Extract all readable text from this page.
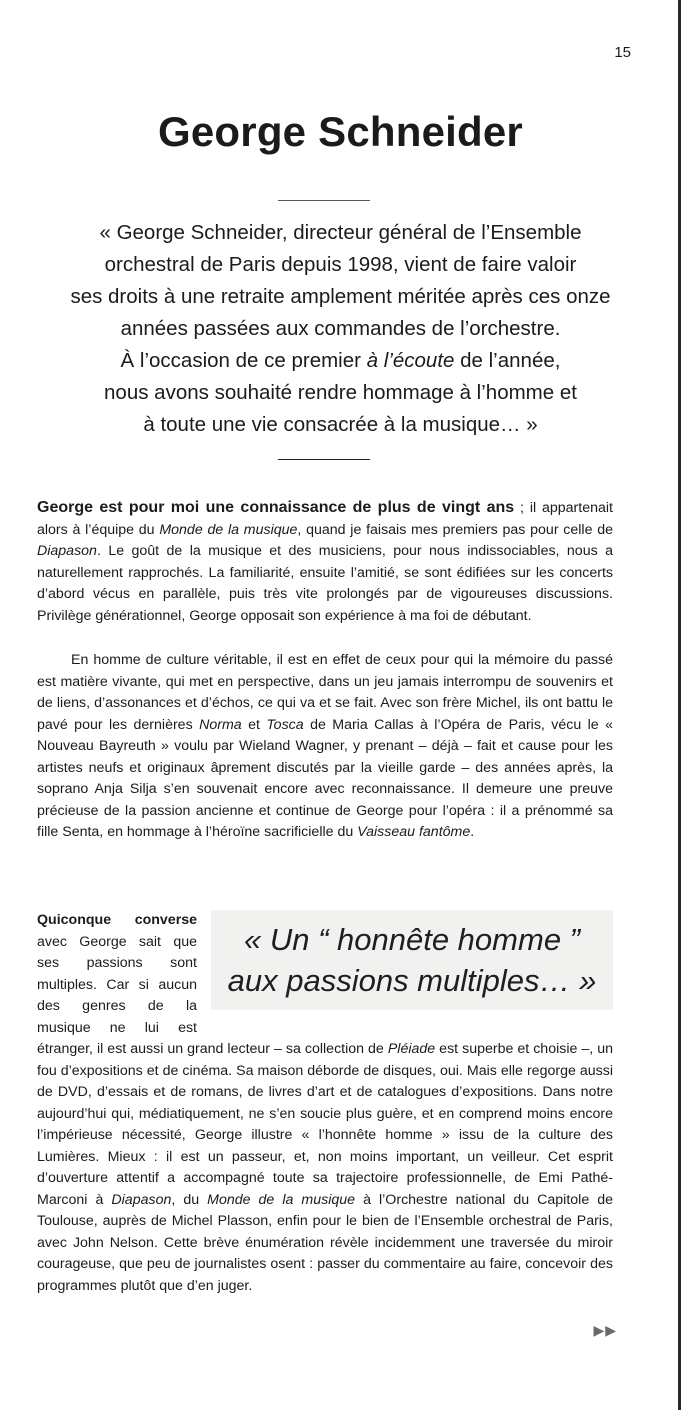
15
George Schneider

« George Schneider, directeur général de l’Ensemble
orchestral de Paris depuis 1998, vient de faire valoir
ses droits à une retraite amplement méritée après ces onze
années passées aux commandes de l’orchestre.
À l’occasion de ce premier à l’écoute de l’année,
nous avons souhaité rendre hommage à l’homme et
à toute une vie consacrée à la musique… »

George est pour moi une connaissance de plus de vingt ans ; il appartenait alors à l’équipe du Monde de la musique, quand je faisais mes premiers pas pour celle de Diapason. Le goût de la musique et des musiciens, pour nous indissociables, nous a naturellement rapprochés. La familiarité, ensuite l’amitié, se sont édifiées sur les concerts d’abord vécus en parallèle, puis très vite prolongés par de vigoureuses discussions. Privilège générationnel, George opposait son expérience à ma foi de débutant.

En homme de culture véritable, il est en effet de ceux pour qui la mémoire du passé est matière vivante, qui met en perspective, dans un jeu jamais interrompu de souvenirs et de liens, d’assonances et d’échos, ce qui va et se fait. Avec son frère Michel, ils ont battu le pavé pour les dernières Norma et Tosca de Maria Callas à l’Opéra de Paris, vécu le « Nouveau Bayreuth » voulu par Wieland Wagner, y prenant – déjà – fait et cause pour les artistes neufs et originaux âprement discutés par la vieille garde – des années après, la soprano Anja Silja s’en souvenait encore avec reconnaissance. Il demeure une preuve précieuse de la passion ancienne et continue de George pour l’opéra : il a prénommé sa fille Senta, en hommage à l’héroïne sacrificielle du Vaisseau fantôme.

« Un “ honnête homme ”
aux passions multiples… »
Quiconque converse avec George sait que ses passions sont multiples. Car si aucun des genres de la musique ne lui est étranger, il est aussi un grand lecteur – sa collection de Pléiade est superbe et choisie –, un fou d’expositions et de cinéma. Sa maison déborde de disques, oui. Mais elle regorge aussi de DVD, d’essais et de romans, de livres d’art et de catalogues d’expositions. Dans notre aujourd’hui qui, médiatiquement, ne s’en soucie plus guère, et en comprend moins encore l’impérieuse nécessité, George illustre « l’honnête homme » issu de la culture des Lumières. Mieux : il est un passeur, et, non moins important, un veilleur. Cet esprit d’ouverture attentif a accompagné toute sa trajectoire professionnelle, de Emi Pathé-Marconi à Diapason, du Monde de la musique à l’Orchestre national du Capitole de Toulouse, auprès de Michel Plasson, enfin pour le bien de l’Ensemble orchestral de Paris, avec John Nelson. Cette brève énumération révèle incidemment une traversée du miroir courageuse, que peu de journalistes osent : passer du commentaire au faire, concevoir des programmes plutôt que d’en juger.
▶▶
